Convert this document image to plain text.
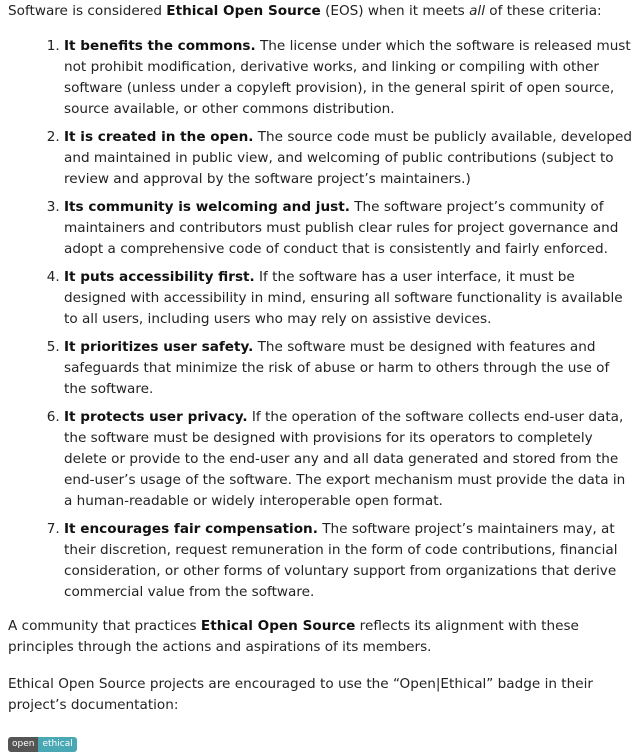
Software is considered Ethical Open Source (EOS) when it meets all of these criteria:

1. It benefits the commons. The license under which the software is released must not prohibit modification, derivative works, and linking or compiling with other software (unless under a copyleft provision), in the general spirit of open source, source available, or other commons distribution.
2. It is created in the open. The source code must be publicly available, developed and maintained in public view, and welcoming of public contributions (subject to review and approval by the software project’s maintainers.)
3. Its community is welcoming and just. The software project’s community of maintainers and contributors must publish clear rules for project governance and adopt a comprehensive code of conduct that is consistently and fairly enforced.
4. It puts accessibility first. If the software has a user interface, it must be designed with accessibility in mind, ensuring all software functionality is available to all users, including users who may rely on assistive devices.
5. It prioritizes user safety. The software must be designed with features and safeguards that minimize the risk of abuse or harm to others through the use of the software.
6. It protects user privacy. If the operation of the software collects end-user data, the software must be designed with provisions for its operators to completely delete or provide to the end-user any and all data generated and stored from the end-user’s usage of the software. The export mechanism must provide the data in a human-readable or widely interoperable open format.
7. It encourages fair compensation. The software project’s maintainers may, at their discretion, request remuneration in the form of code contributions, financial consideration, or other forms of voluntary support from organizations that derive commercial value from the software.

A community that practices Ethical Open Source reflects its alignment with these principles through the actions and aspirations of its members.

Ethical Open Source projects are encouraged to use the “Open|Ethical” badge in their project’s documentation:

open ethical
